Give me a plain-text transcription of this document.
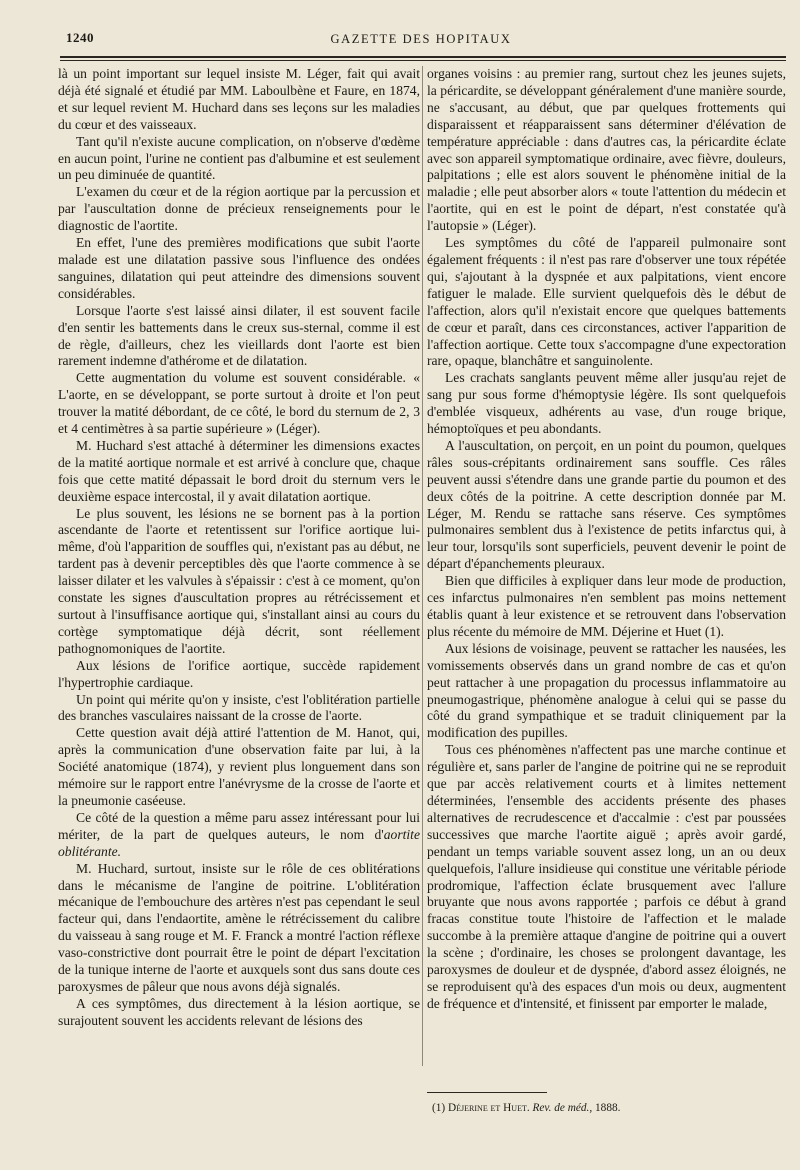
1240	GAZETTE DES HOPITAUX

là un point important sur lequel insiste M. Léger, fait qui avait déjà été signalé et étudié par MM. Laboulbène et Faure, en 1874, et sur lequel revient M. Huchard dans ses leçons sur les maladies du cœur et des vaisseaux.

Tant qu'il n'existe aucune complication, on n'observe d'œdème en aucun point, l'urine ne contient pas d'albumine et est seulement un peu diminuée de quantité.

L'examen du cœur et de la région aortique par la percussion et par l'auscultation donne de précieux renseignements pour le diagnostic de l'aortite.

En effet, l'une des premières modifications que subit l'aorte malade est une dilatation passive sous l'influence des ondées sanguines, dilatation qui peut atteindre des dimensions souvent considérables.

Lorsque l'aorte s'est laissé ainsi dilater, il est souvent facile d'en sentir les battements dans le creux sus-sternal, comme il est de règle, d'ailleurs, chez les vieillards dont l'aorte est bien rarement indemne d'athérome et de dilatation.

Cette augmentation du volume est souvent considérable. « L'aorte, en se développant, se porte surtout à droite et l'on peut trouver la matité débordant, de ce côté, le bord du sternum de 2, 3 et 4 centimètres à sa partie supérieure » (Léger).

M. Huchard s'est attaché à déterminer les dimensions exactes de la matité aortique normale et est arrivé à conclure que, chaque fois que cette matité dépassait le bord droit du sternum vers le deuxième espace intercostal, il y avait dilatation aortique.

Le plus souvent, les lésions ne se bornent pas à la portion ascendante de l'aorte et retentissent sur l'orifice aortique lui-même, d'où l'apparition de souffles qui, n'existant pas au début, ne tardent pas à devenir perceptibles dès que l'aorte commence à se laisser dilater et les valvules à s'épaissir : c'est à ce moment, qu'on constate les signes d'auscultation propres au rétrécissement et surtout à l'insuffisance aortique qui, s'installant ainsi au cours du cortège symptomatique déjà décrit, sont réellement pathognomoniques de l'aortite.

Aux lésions de l'orifice aortique, succède rapidement l'hypertrophie cardiaque.

Un point qui mérite qu'on y insiste, c'est l'oblitération partielle des branches vasculaires naissant de la crosse de l'aorte.

Cette question avait déjà attiré l'attention de M. Hanot, qui, après la communication d'une observation faite par lui, à la Société anatomique (1874), y revient plus longuement dans son mémoire sur le rapport entre l'anévrysme de la crosse de l'aorte et la pneumonie caséeuse.

Ce côté de la question a même paru assez intéressant pour lui mériter, de la part de quelques auteurs, le nom d'aortite oblitérante.

M. Huchard, surtout, insiste sur le rôle de ces oblitérations dans le mécanisme de l'angine de poitrine. L'oblitération mécanique de l'embouchure des artères n'est pas cependant le seul facteur qui, dans l'endaortite, amène le rétrécissement du calibre du vaisseau à sang rouge et M. F. Franck a montré l'action réflexe vaso-constrictive dont pourrait être le point de départ l'excitation de la tunique interne de l'aorte et auxquels sont dus sans doute ces paroxysmes de pâleur que nous avons déjà signalés.

A ces symptômes, dus directement à la lésion aortique, se surajoutent souvent les accidents relevant de lésions des

organes voisins : au premier rang, surtout chez les jeunes sujets, la péricardite, se développant généralement d'une manière sourde, ne s'accusant, au début, que par quelques frottements qui disparaissent et réapparaissent sans déterminer d'élévation de température appréciable : dans d'autres cas, la péricardite éclate avec son appareil symptomatique ordinaire, avec fièvre, douleurs, palpitations ; elle est alors souvent le phénomène initial de la maladie ; elle peut absorber alors « toute l'attention du médecin et l'aortite, qui en est le point de départ, n'est constatée qu'à l'autopsie » (Léger).

Les symptômes du côté de l'appareil pulmonaire sont également fréquents : il n'est pas rare d'observer une toux répétée qui, s'ajoutant à la dyspnée et aux palpitations, vient encore fatiguer le malade. Elle survient quelquefois dès le début de l'affection, alors qu'il n'existait encore que quelques battements de cœur et paraît, dans ces circonstances, activer l'apparition de l'affection aortique. Cette toux s'accompagne d'une expectoration rare, opaque, blanchâtre et sanguinolente.

Les crachats sanglants peuvent même aller jusqu'au rejet de sang pur sous forme d'hémoptysie légère. Ils sont quelquefois d'emblée visqueux, adhérents au vase, d'un rouge brique, hémoptoïques et peu abondants.

A l'auscultation, on perçoit, en un point du poumon, quelques râles sous-crépitants ordinairement sans souffle. Ces râles peuvent aussi s'étendre dans une grande partie du poumon et des deux côtés de la poitrine. A cette description donnée par M. Léger, M. Rendu se rattache sans réserve. Ces symptômes pulmonaires semblent dus à l'existence de petits infarctus qui, à leur tour, lorsqu'ils sont superficiels, peuvent devenir le point de départ d'épanchements pleuraux.

Bien que difficiles à expliquer dans leur mode de production, ces infarctus pulmonaires n'en semblent pas moins nettement établis quant à leur existence et se retrouvent dans l'observation plus récente du mémoire de MM. Déjerine et Huet (1).

Aux lésions de voisinage, peuvent se rattacher les nausées, les vomissements observés dans un grand nombre de cas et qu'on peut rattacher à une propagation du processus inflammatoire au pneumogastrique, phénomène analogue à celui qui se passe du côté du grand sympathique et se traduit cliniquement par la modification des pupilles.

Tous ces phénomènes n'affectent pas une marche continue et régulière et, sans parler de l'angine de poitrine qui ne se reproduit que par accès relativement courts et à limites nettement déterminées, l'ensemble des accidents présente des phases alternatives de recrudescence et d'accalmie : c'est par poussées successives que marche l'aortite aiguë ; après avoir gardé, pendant un temps variable souvent assez long, un an ou deux quelquefois, l'allure insidieuse qui constitue une véritable période prodromique, l'affection éclate brusquement avec l'allure bruyante que nous avons rapportée ; parfois ce début à grand fracas constitue toute l'histoire de l'affection et le malade succombe à la première attaque d'angine de poitrine qui a ouvert la scène ; d'ordinaire, les choses se prolongent davantage, les paroxysmes de douleur et de dyspnée, d'abord assez éloignés, ne se reproduisent qu'à des espaces d'un mois ou deux, augmentent de fréquence et d'intensité, et finissent par emporter le malade,

(1) Déjerine et Huet. Rev. de méd., 1888.
